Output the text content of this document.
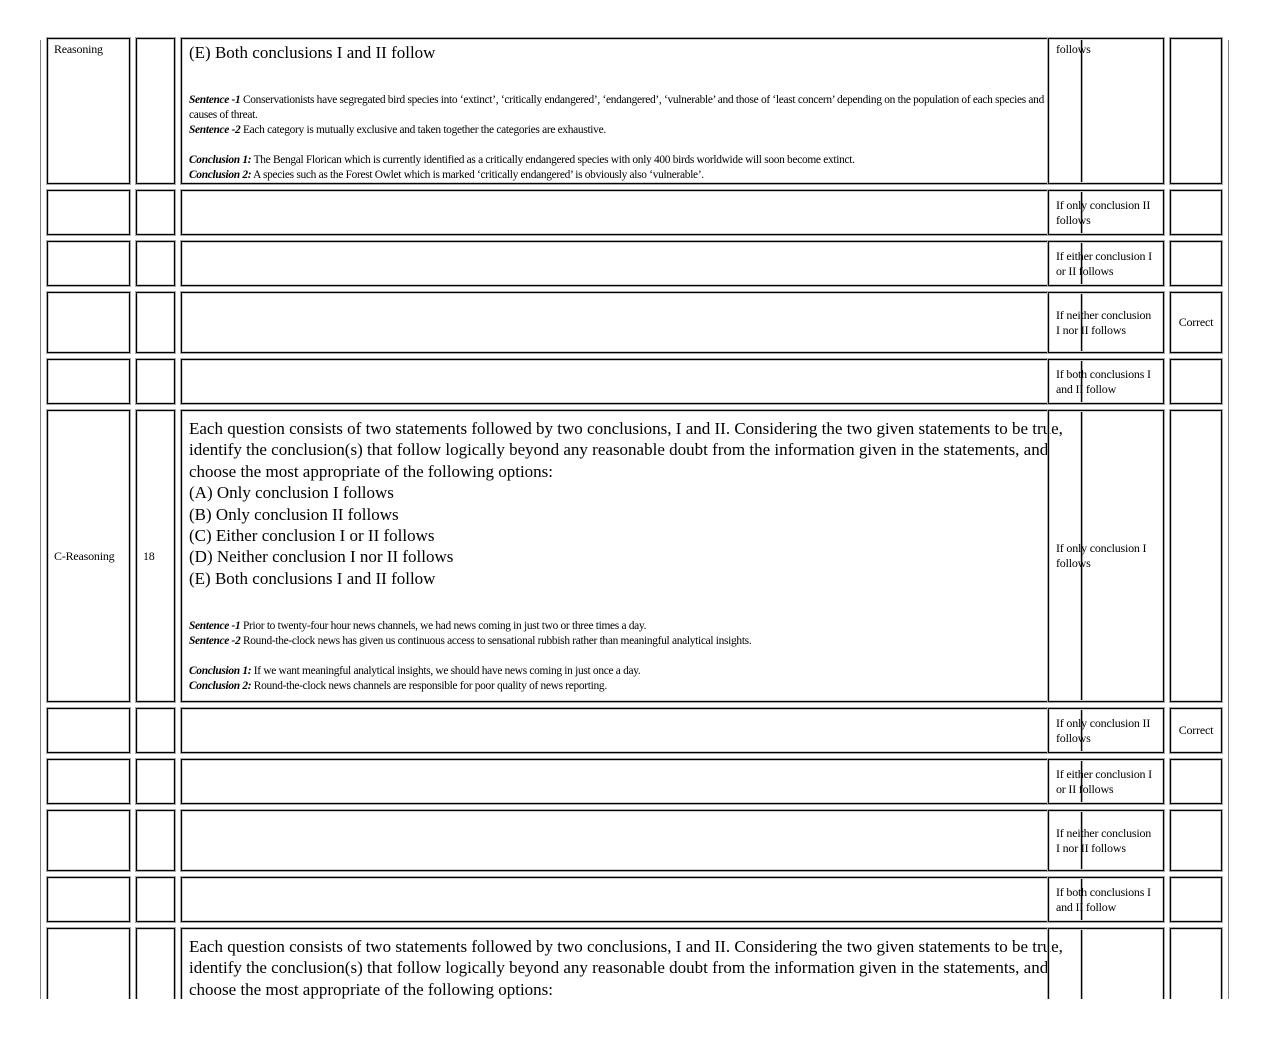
Reasoning	(E) Both conclusions I and II follow
Sentence -1 Conservationists have segregated bird species into ‘extinct’, ‘critically endangered’, ‘endangered’, ‘vulnerable’ and those of ‘least concern’ depending on the population of each species and causes of threat.
Sentence -2 Each category is mutually exclusive and taken together the categories are exhaustive.
Conclusion 1: The Bengal Florican which is currently identified as a critically endangered species with only 400 birds worldwide will soon become extinct.
Conclusion 2: A species such as the Forest Owlet which is marked ‘critically endangered’ is obviously also ‘vulnerable’.
follows
If only conclusion II follows
If either conclusion I or II follows
If neither conclusion I nor II follows
Correct
If both conclusions I and II follow
C-Reasoning 18
Each question consists of two statements followed by two conclusions, I and II. Considering the two given statements to be true, identify the conclusion(s) that follow logically beyond any reasonable doubt from the information given in the statements, and choose the most appropriate of the following options:
(A) Only conclusion I follows
(B) Only conclusion II follows
(C) Either conclusion I or II follows
(D) Neither conclusion I nor II follows
(E) Both conclusions I and II follow
Sentence -1 Prior to twenty-four hour news channels, we had news coming in just two or three times a day.
Sentence -2 Round-the-clock news has given us continuous access to sensational rubbish rather than meaningful analytical insights.
Conclusion 1: If we want meaningful analytical insights, we should have news coming in just once a day.
Conclusion 2: Round-the-clock news channels are responsible for poor quality of news reporting.
If only conclusion I follows
If only conclusion II follows
Correct
If either conclusion I or II follows
If neither conclusion I nor II follows
If both conclusions I and II follow
Each question consists of two statements followed by two conclusions, I and II. Considering the two given statements to be true, identify the conclusion(s) that follow logically beyond any reasonable doubt from the information given in the statements, and choose the most appropriate of the following options:
